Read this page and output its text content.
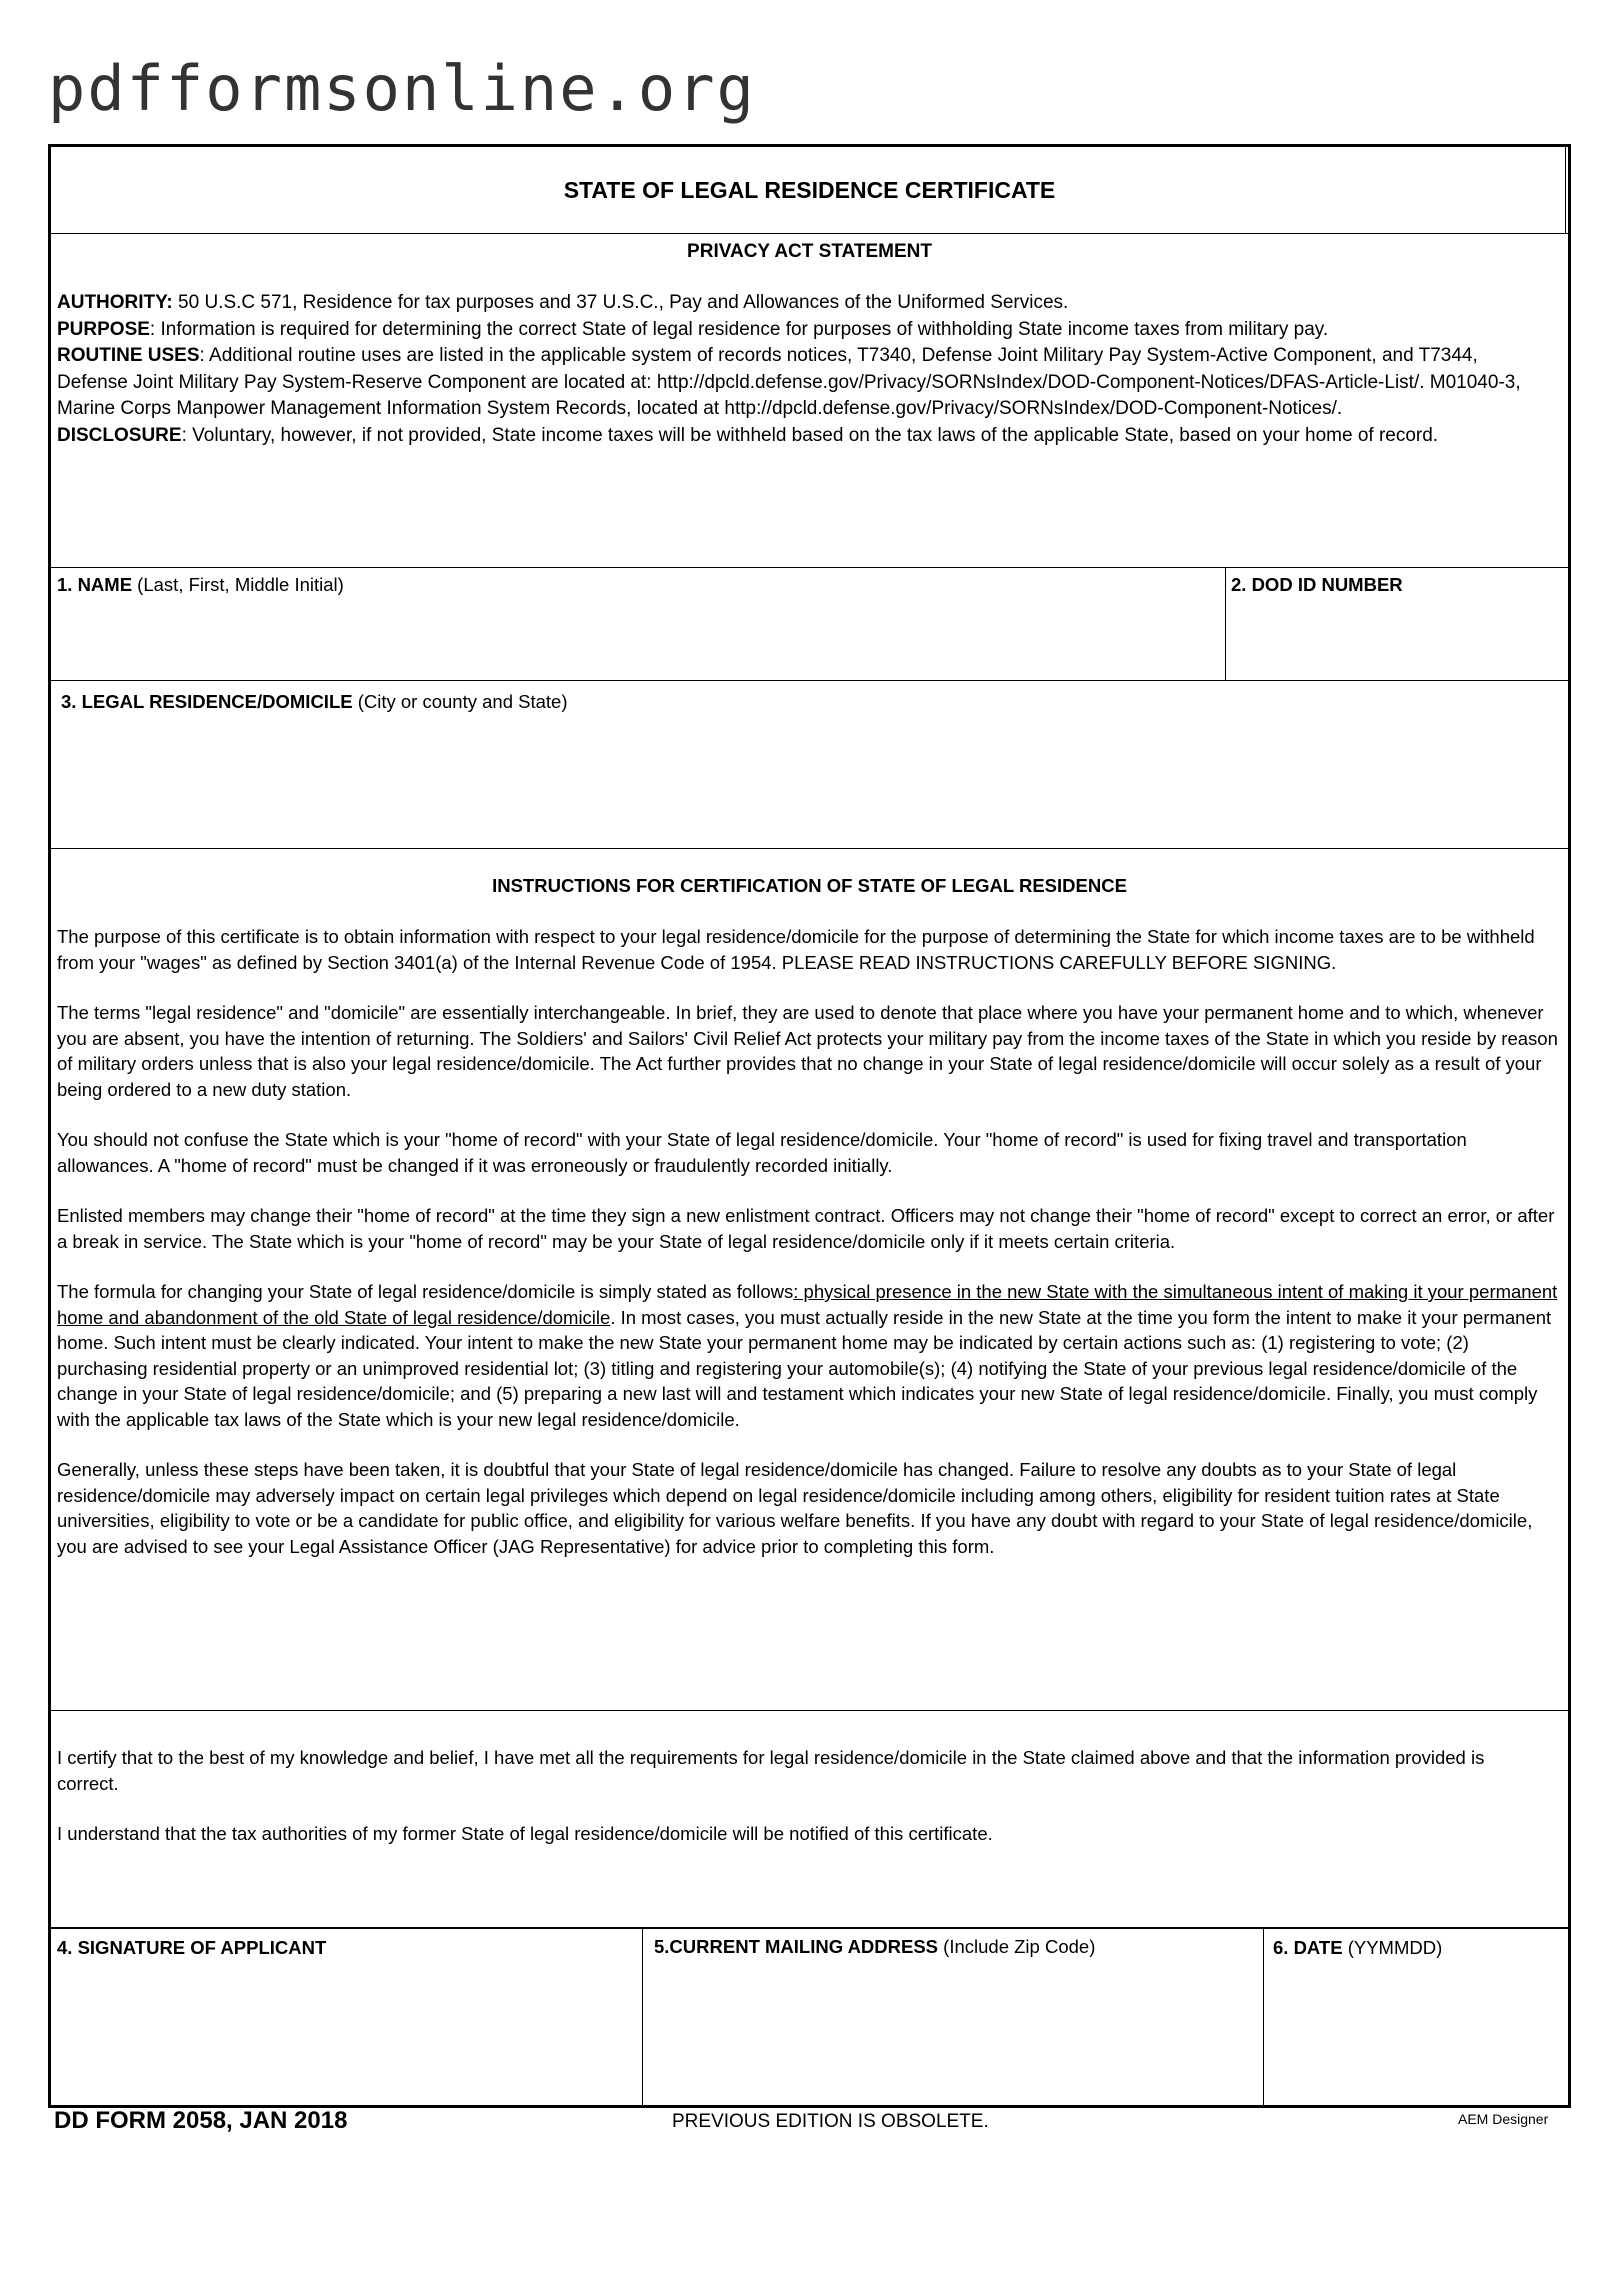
pdfformsonline.org
STATE OF LEGAL RESIDENCE CERTIFICATE
PRIVACY ACT STATEMENT

AUTHORITY: 50 U.S.C 571, Residence for tax purposes and 37 U.S.C., Pay and Allowances of the Uniformed Services.

PURPOSE: Information is required for determining the correct State of legal residence for purposes of withholding State income taxes from military pay.

ROUTINE USES: Additional routine uses are listed in the applicable system of records notices, T7340, Defense Joint Military Pay System-Active Component, and T7344, Defense Joint Military Pay System-Reserve Component are located at: http://dpcld.defense.gov/Privacy/SORNsIndex/DOD-Component-Notices/DFAS-Article-List/. M01040-3, Marine Corps Manpower Management Information System Records, located at http://dpcld.defense.gov/Privacy/SORNsIndex/DOD-Component-Notices/.

DISCLOSURE: Voluntary, however, if not provided, State income taxes will be withheld based on the tax laws of the applicable State, based on your home of record.

1. NAME (Last, First, Middle Initial)	2. DOD ID NUMBER
3. LEGAL RESIDENCE/DOMICILE (City or county and State)
INSTRUCTIONS FOR CERTIFICATION OF STATE OF LEGAL RESIDENCE

The purpose of this certificate is to obtain information with respect to your legal residence/domicile for the purpose of determining the State for which income taxes are to be withheld from your "wages" as defined by Section 3401(a) of the Internal Revenue Code of 1954. PLEASE READ INSTRUCTIONS CAREFULLY BEFORE SIGNING.

The terms "legal residence" and "domicile" are essentially interchangeable. In brief, they are used to denote that place where you have your permanent home and to which, whenever you are absent, you have the intention of returning. The Soldiers' and Sailors' Civil Relief Act protects your military pay from the income taxes of the State in which you reside by reason of military orders unless that is also your legal residence/domicile. The Act further provides that no change in your State of legal residence/domicile will occur solely as a result of your being ordered to a new duty station.

You should not confuse the State which is your "home of record" with your State of legal residence/domicile. Your "home of record" is used for fixing travel and transportation allowances. A "home of record" must be changed if it was erroneously or fraudulently recorded initially.

Enlisted members may change their "home of record" at the time they sign a new enlistment contract. Officers may not change their "home of record" except to correct an error, or after a break in service. The State which is your "home of record" may be your State of legal residence/domicile only if it meets certain criteria.

The formula for changing your State of legal residence/domicile is simply stated as follows: physical presence in the new State with the simultaneous intent of making it your permanent home and abandonment of the old State of legal residence/domicile. In most cases, you must actually reside in the new State at the time you form the intent to make it your permanent home. Such intent must be clearly indicated. Your intent to make the new State your permanent home may be indicated by certain actions such as: (1) registering to vote; (2) purchasing residential property or an unimproved residential lot; (3) titling and registering your automobile(s); (4) notifying the State of your previous legal residence/domicile of the change in your State of legal residence/domicile; and (5) preparing a new last will and testament which indicates your new State of legal residence/domicile. Finally, you must comply with the applicable tax laws of the State which is your new legal residence/domicile.

Generally, unless these steps have been taken, it is doubtful that your State of legal residence/domicile has changed. Failure to resolve any doubts as to your State of legal residence/domicile may adversely impact on certain legal privileges which depend on legal residence/domicile including among others, eligibility for resident tuition rates at State universities, eligibility to vote or be a candidate for public office, and eligibility for various welfare benefits. If you have any doubt with regard to your State of legal residence/domicile, you are advised to see your Legal Assistance Officer (JAG Representative) for advice prior to completing this form.

I certify that to the best of my knowledge and belief, I have met all the requirements for legal residence/domicile in the State claimed above and that the information provided is correct.

I understand that the tax authorities of my former State of legal residence/domicile will be notified of this certificate.

4. SIGNATURE OF APPLICANT	5.CURRENT MAILING ADDRESS (Include Zip Code)	6. DATE (YYMMDD)
DD FORM 2058, JAN 2018	PREVIOUS EDITION IS OBSOLETE.	AEM Designer
